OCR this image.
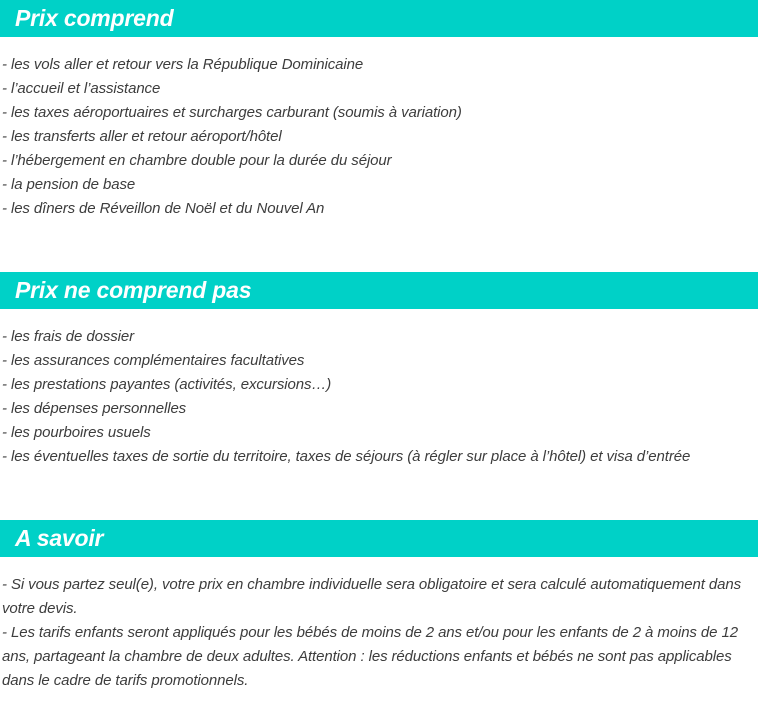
Prix comprend
- les vols aller et retour vers la République Dominicaine
- l’accueil et l’assistance
- les taxes aéroportuaires et surcharges carburant (soumis à variation)
- les transferts aller et retour aéroport/hôtel
- l’hébergement en chambre double pour la durée du séjour
- la pension de base
- les dîners de Réveillon de Noël et du Nouvel An
Prix ne comprend pas
- les frais de dossier
- les assurances complémentaires facultatives
- les prestations payantes (activités, excursions…)
- les dépenses personnelles
- les pourboires usuels
- les éventuelles taxes de sortie du territoire, taxes de séjours (à régler sur place à l’hôtel) et visa d’entrée
A savoir
- Si vous partez seul(e), votre prix en chambre individuelle sera obligatoire et sera calculé automatiquement dans votre devis.
- Les tarifs enfants seront appliqués pour les bébés de moins de 2 ans et/ou pour les enfants de 2 à moins de 12 ans, partageant la chambre de deux adultes. Attention : les réductions enfants et bébés ne sont pas applicables dans le cadre de tarifs promotionnels.
